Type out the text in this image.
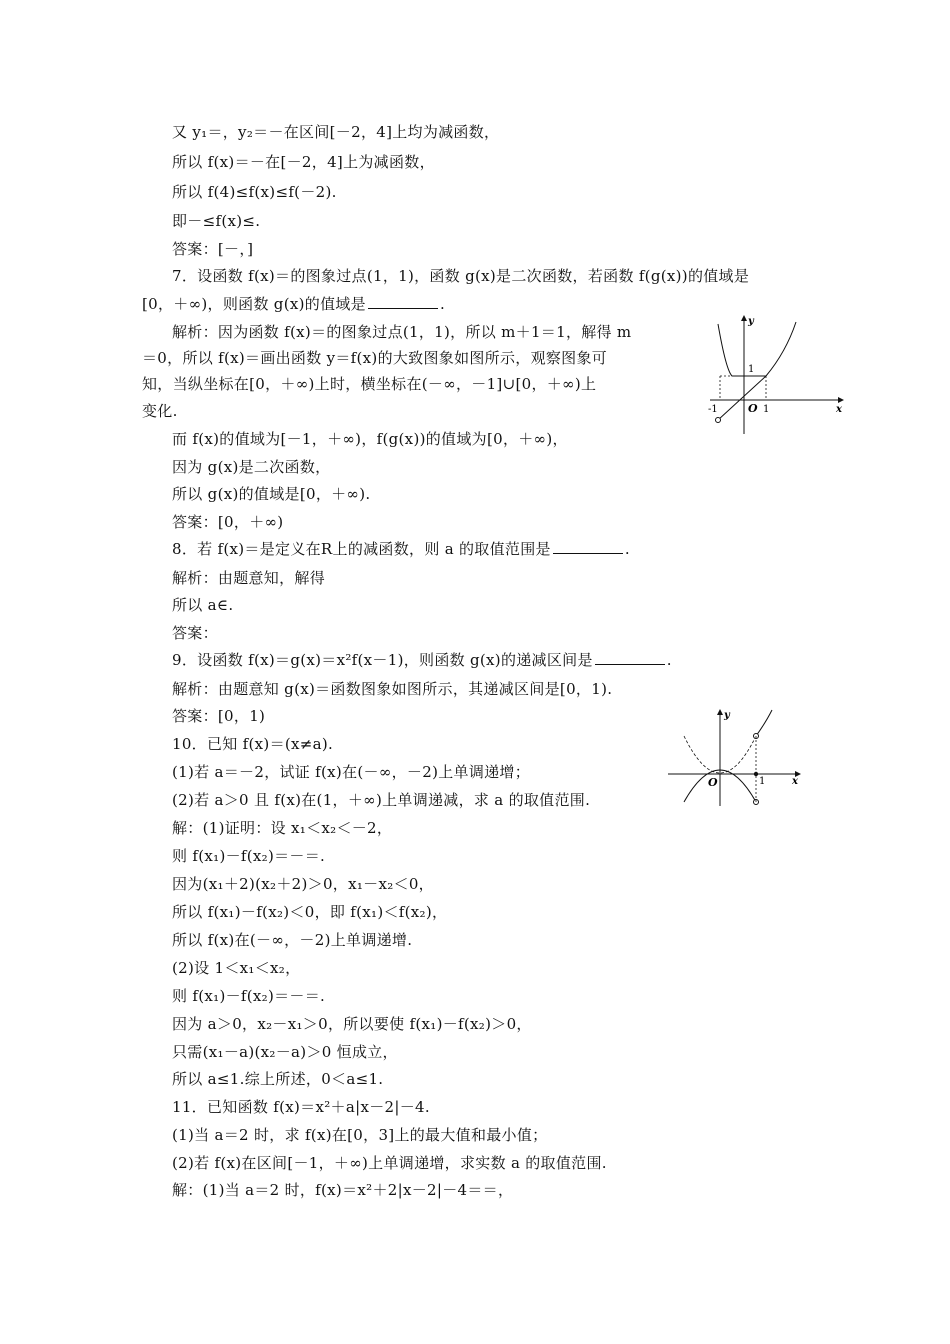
又 y₁＝，y₂＝－在区间[－2，4]上均为减函数，
所以 f(x)＝－在[－2，4]上为减函数，
所以 f(4)≤f(x)≤f(－2).
即－≤f(x)≤.
答案：[－，]
7．设函数 f(x)＝的图象过点(1，1)，函数 g(x)是二次函数，若函数 f(g(x))的值域是
[0，＋∞)，则函数 g(x)的值域是	.
解析：因为函数 f(x)＝的图象过点(1，1)，所以 m＋1＝1，解得 m
＝0，所以 f(x)＝画出函数 y＝f(x)的大致图象如图所示，观察图象可
知，当纵坐标在[0，＋∞)上时，横坐标在(－∞，－1]∪[0，＋∞)上
变化.
而 f(x)的值域为[－1，＋∞)，f(g(x))的值域为[0，＋∞)，
因为 g(x)是二次函数，
所以 g(x)的值域是[0，＋∞).
答案：[0，＋∞)
8．若 f(x)＝是定义在R上的减函数，则 a 的取值范围是	.
解析：由题意知，解得
所以 a∈.
答案：
9．设函数 f(x)＝g(x)＝x²f(x－1)，则函数 g(x)的递减区间是	.
解析：由题意知 g(x)＝函数图象如图所示，其递减区间是[0，1).
答案：[0，1)
10．已知 f(x)＝(x≠a).
(1)若 a＝－2，试证 f(x)在(－∞，－2)上单调递增；
(2)若 a＞0 且 f(x)在(1，＋∞)上单调递减，求 a 的取值范围.
解：(1)证明：设 x₁＜x₂＜－2，
则 f(x₁)－f(x₂)＝－＝.
因为(x₁＋2)(x₂＋2)＞0，x₁－x₂＜0，
所以 f(x₁)－f(x₂)＜0，即 f(x₁)＜f(x₂)，
所以 f(x)在(－∞，－2)上单调递增.
(2)设 1＜x₁＜x₂，
则 f(x₁)－f(x₂)＝－＝.
因为 a＞0，x₂－x₁＞0，所以要使 f(x₁)－f(x₂)＞0，
只需(x₁－a)(x₂－a)＞0 恒成立，
所以 a≤1.综上所述，0＜a≤1.
11．已知函数 f(x)＝x²＋a|x－2|－4.
(1)当 a＝2 时，求 f(x)在[0，3]上的最大值和最小值；
(2)若 f(x)在区间[－1，＋∞)上单调递增，求实数 a 的取值范围.
解：(1)当 a＝2 时，f(x)＝x²＋2|x－2|－4＝＝，
y
x
O
1
1
-1
y
x
O	1
